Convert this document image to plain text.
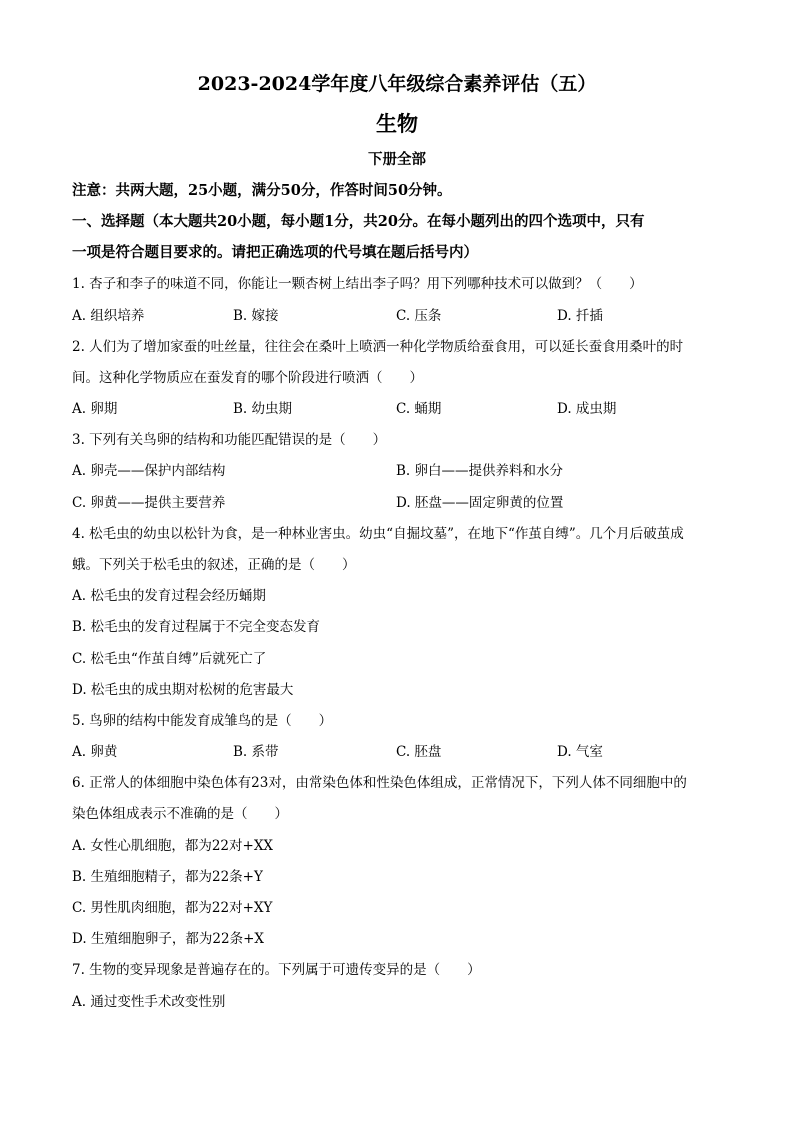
2023-2024学年度八年级综合素养评估（五）
生物
下册全部
注意：共两大题，25小题，满分50分，作答时间50分钟。
一、选择题（本大题共20小题，每小题1分，共20分。在每小题列出的四个选项中，只有
一项是符合题目要求的。请把正确选项的代号填在题后括号内）
1. 杏子和李子的味道不同，你能让一颗杏树上结出李子吗？用下列哪种技术可以做到？（　　）
A. 组织培养	B. 嫁接	C. 压条	D. 扦插
2. 人们为了增加家蚕的吐丝量，往往会在桑叶上喷洒一种化学物质给蚕食用，可以延长蚕食用桑叶的时
间。这种化学物质应在蚕发育的哪个阶段进行喷洒（　　）
A. 卵期	B. 幼虫期	C. 蛹期	D. 成虫期
3. 下列有关鸟卵的结构和功能匹配错误的是（　　）
A. 卵壳——保护内部结构	B. 卵白——提供养料和水分
C. 卵黄——提供主要营养	D. 胚盘——固定卵黄的位置
4. 松毛虫的幼虫以松针为食，是一种林业害虫。幼虫“自掘坟墓”，在地下“作茧自缚”。几个月后破茧成
蛾。下列关于松毛虫的叙述，正确的是（　　）
A. 松毛虫的发育过程会经历蛹期
B. 松毛虫的发育过程属于不完全变态发育
C. 松毛虫“作茧自缚”后就死亡了
D. 松毛虫的成虫期对松树的危害最大
5. 鸟卵的结构中能发育成雏鸟的是（　　）
A. 卵黄	B. 系带	C. 胚盘	D. 气室
6. 正常人的体细胞中染色体有23对，由常染色体和性染色体组成，正常情况下，下列人体不同细胞中的
染色体组成表示不准确的是（　　）
A. 女性心肌细胞，都为22对+XX
B. 生殖细胞精子，都为22条+Y
C. 男性肌肉细胞，都为22对+XY
D. 生殖细胞卵子，都为22条+X
7. 生物的变异现象是普遍存在的。下列属于可遗传变异的是（　　）
A. 通过变性手术改变性别
